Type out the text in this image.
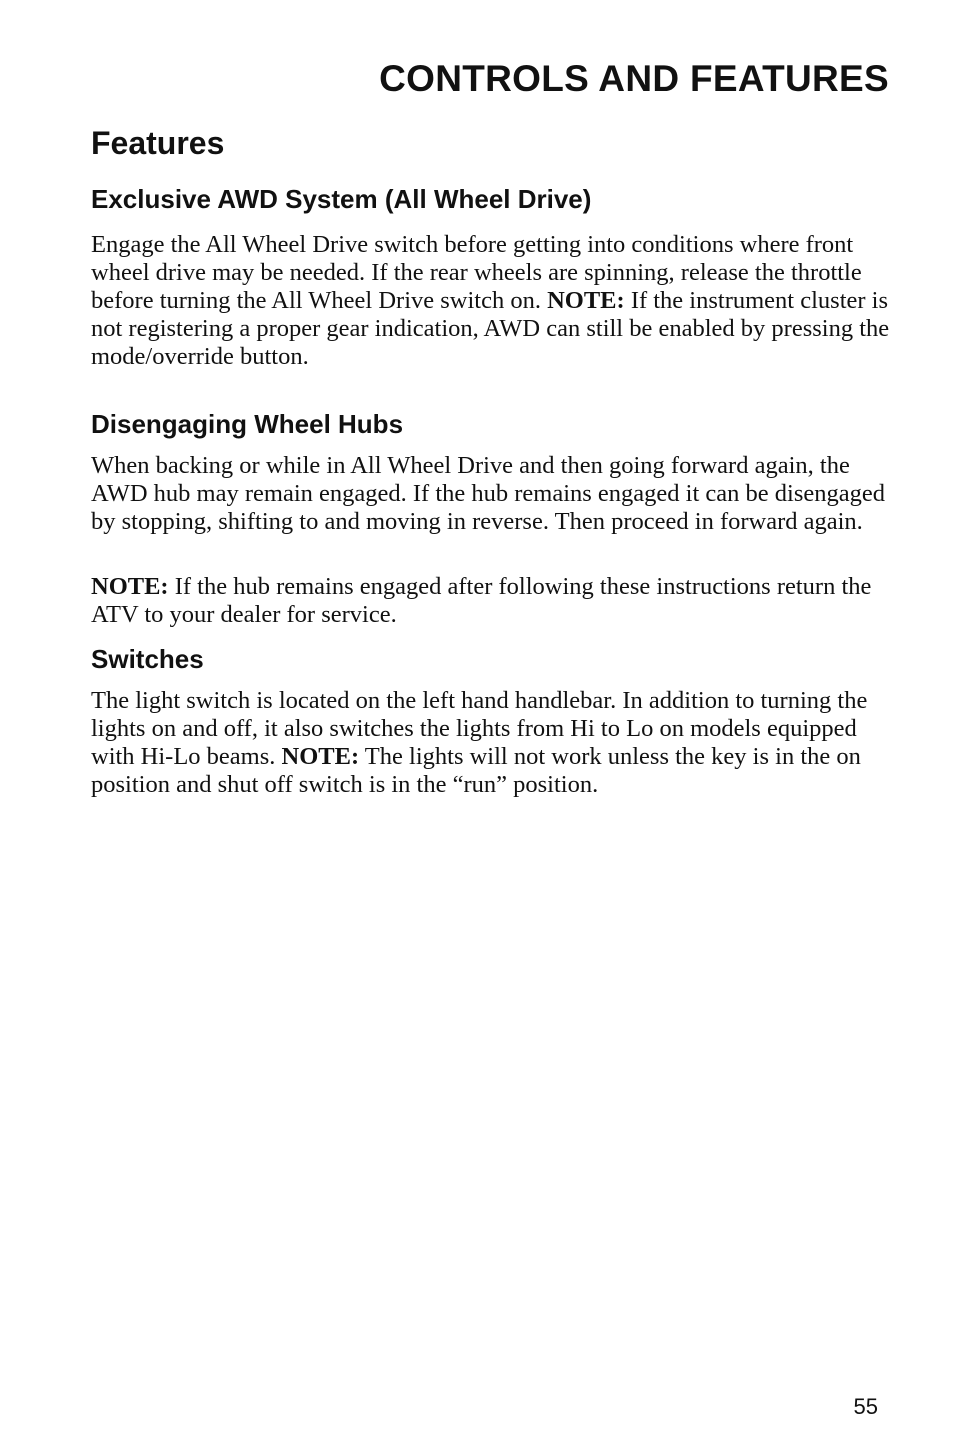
CONTROLS AND FEATURES
Features
Exclusive AWD System (All Wheel Drive)

Engage the All Wheel Drive switch before getting into conditions where front wheel drive may be needed. If the rear wheels are spinning, release the throttle before turning the All Wheel Drive switch on. NOTE: If the instrument cluster is not registering a proper gear indication, AWD can still be enabled by pressing the mode/override button.

Disengaging Wheel Hubs

When backing or while in All Wheel Drive and then going forward again, the AWD hub may remain engaged. If the hub remains engaged it can be disengaged by stopping, shifting to and moving in reverse. Then proceed in forward again.

NOTE: If the hub remains engaged after following these instructions return the ATV to your dealer for service.

Switches

The light switch is located on the left hand handlebar. In addition to turning the lights on and off, it also switches the lights from Hi to Lo on models equipped with Hi-Lo beams. NOTE: The lights will not work unless the key is in the on position and shut off switch is in the “run” position.

55
